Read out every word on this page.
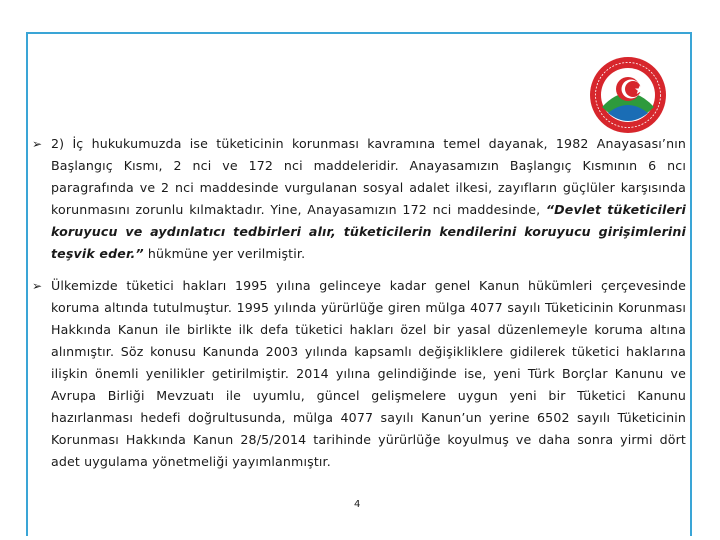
➢ 2) İç hukukumuzda ise tüketicinin korunması kavramına temel dayanak, 1982 Anayasası’nın Başlangıç Kısmı, 2 nci ve 172 nci maddeleridir. Anayasamızın Başlangıç Kısmının 6 ncı paragrafında ve 2 nci maddesinde vurgulanan sosyal adalet ilkesi, zayıfların güçlüler karşısında korunmasını zorunlu kılmaktadır. Yine, Anayasamızın 172 nci maddesinde, “Devlet tüketicileri koruyucu ve aydınlatıcı tedbirleri alır, tüketicilerin kendilerini koruyucu girişimlerini teşvik eder.” hükmüne yer verilmiştir.
➢ Ülkemizde tüketici hakları 1995 yılına gelinceye kadar genel Kanun hükümleri çerçevesinde koruma altında tutulmuştur. 1995 yılında yürürlüğe giren mülga 4077 sayılı Tüketicinin Korunması Hakkında Kanun ile birlikte ilk defa tüketici hakları özel bir yasal düzenlemeyle koruma altına alınmıştır. Söz konusu Kanunda 2003 yılında kapsamlı değişikliklere gidilerek tüketici haklarına ilişkin önemli yenilikler getirilmiştir. 2014 yılına gelindiğinde ise, yeni Türk Borçlar Kanunu ve Avrupa Birliği Mevzuatı ile uyumlu, güncel gelişmelere uygun yeni bir Tüketici Kanunu hazırlanması hedefi doğrultusunda, mülga 4077 sayılı Kanun’un yerine 6502 sayılı Tüketicinin Korunması Hakkında Kanun 28/5/2014 tarihinde yürürlüğe koyulmuş ve daha sonra yirmi dört adet uygulama yönetmeliği yayımlanmıştır.
4
